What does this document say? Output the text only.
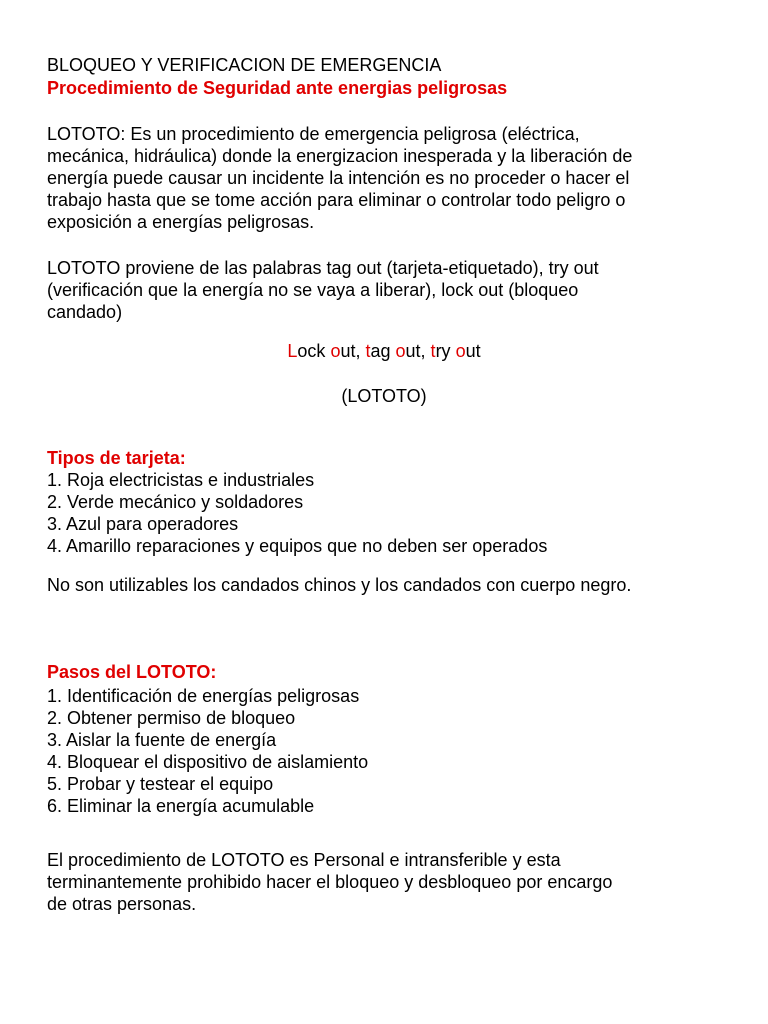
BLOQUEO Y VERIFICACION DE EMERGENCIA
Procedimiento de Seguridad ante energias peligrosas
LOTOTO: Es un procedimiento de emergencia peligrosa (eléctrica,
mecánica, hidráulica) donde la energizacion inesperada y la liberación de
energía puede causar un incidente la intención es no proceder o hacer el
trabajo hasta que se tome acción para eliminar o controlar todo peligro o
exposición a energías peligrosas.
LOTOTO proviene de las palabras tag out (tarjeta-etiquetado), try out
(verificación que la energía no se vaya a liberar), lock out (bloqueo
candado)
Lock out, tag out, try out
(LOTOTO)
Tipos de tarjeta:
1. Roja electricistas e industriales
2. Verde mecánico y soldadores
3. Azul para operadores
4. Amarillo reparaciones y equipos que no deben ser operados
No son utilizables los candados chinos y los candados con cuerpo negro.
Pasos del LOTOTO:
1. Identificación de energías peligrosas
2. Obtener permiso de bloqueo
3. Aislar la fuente de energía
4. Bloquear el dispositivo de aislamiento
5. Probar y testear el equipo
6. Eliminar la energía acumulable
El procedimiento de LOTOTO es Personal e intransferible y esta
terminantemente prohibido hacer el bloqueo y desbloqueo por encargo
de otras personas.
